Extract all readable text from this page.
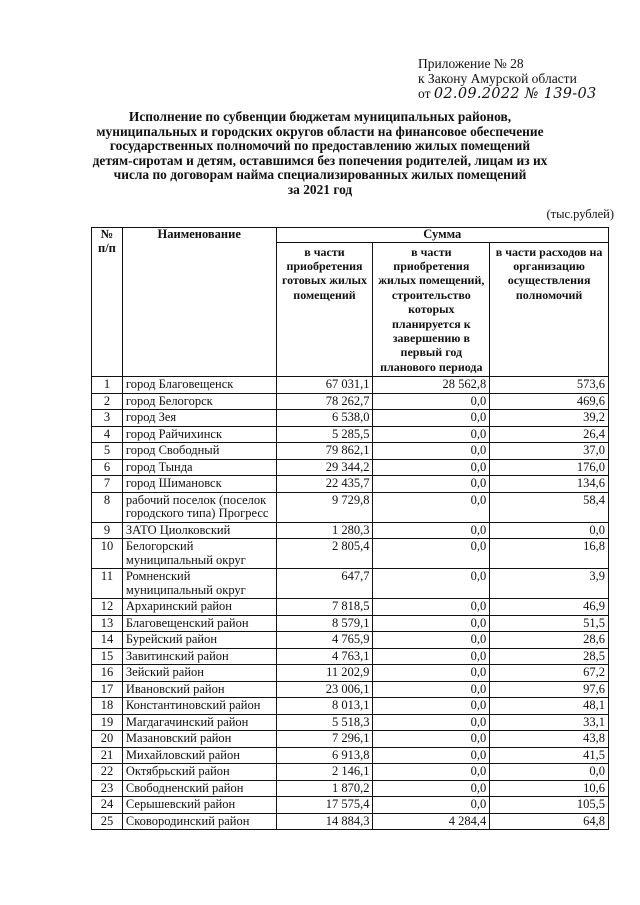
Приложение № 28
к Закону Амурской области
от 02.09.2022 № 139-03
Исполнение по субвенции бюджетам муниципальных районов,
муниципальных и городских округов области на финансовое обеспечение
государственных полномочий по предоставлению жилых помещений
детям-сиротам и детям, оставшимся без попечения родителей, лицам из их
числа по договорам найма специализированных жилых помещений
за 2021 год
(тыс.рублей)
№ п/п	Наименование	Сумма		
		в части приобретения готовых жилых помещений	в части приобретения жилых помещений, строительство которых планируется к завершению в первый год планового периода	в части расходов на организацию осуществления полномочий
1	город Благовещенск	67 031,1	28 562,8	573,6
2	город Белогорск	78 262,7	0,0	469,6
3	город Зея	6 538,0	0,0	39,2
4	город Райчихинск	5 285,5	0,0	26,4
5	город Свободный	79 862,1	0,0	37,0
6	город Тында	29 344,2	0,0	176,0
7	город Шимановск	22 435,7	0,0	134,6
8	рабочий поселок (поселок городского типа) Прогресс	9 729,8	0,0	58,4
9	ЗАТО Циолковский	1 280,3	0,0	0,0
10	Белогорский муниципальный округ	2 805,4	0,0	16,8
11	Ромненский муниципальный округ	647,7	0,0	3,9
12	Архаринский район	7 818,5	0,0	46,9
13	Благовещенский район	8 579,1	0,0	51,5
14	Бурейский район	4 765,9	0,0	28,6
15	Завитинский район	4 763,1	0,0	28,5
16	Зейский район	11 202,9	0,0	67,2
17	Ивановский район	23 006,1	0,0	97,6
18	Константиновский район	8 013,1	0,0	48,1
19	Магдагачинский район	5 518,3	0,0	33,1
20	Мазановский район	7 296,1	0,0	43,8
21	Михайловский район	6 913,8	0,0	41,5
22	Октябрьский район	2 146,1	0,0	0,0
23	Свободненский район	1 870,2	0,0	10,6
24	Серышевский район	17 575,4	0,0	105,5
25	Сковородинский район	14 884,3	4 284,4	64,8
